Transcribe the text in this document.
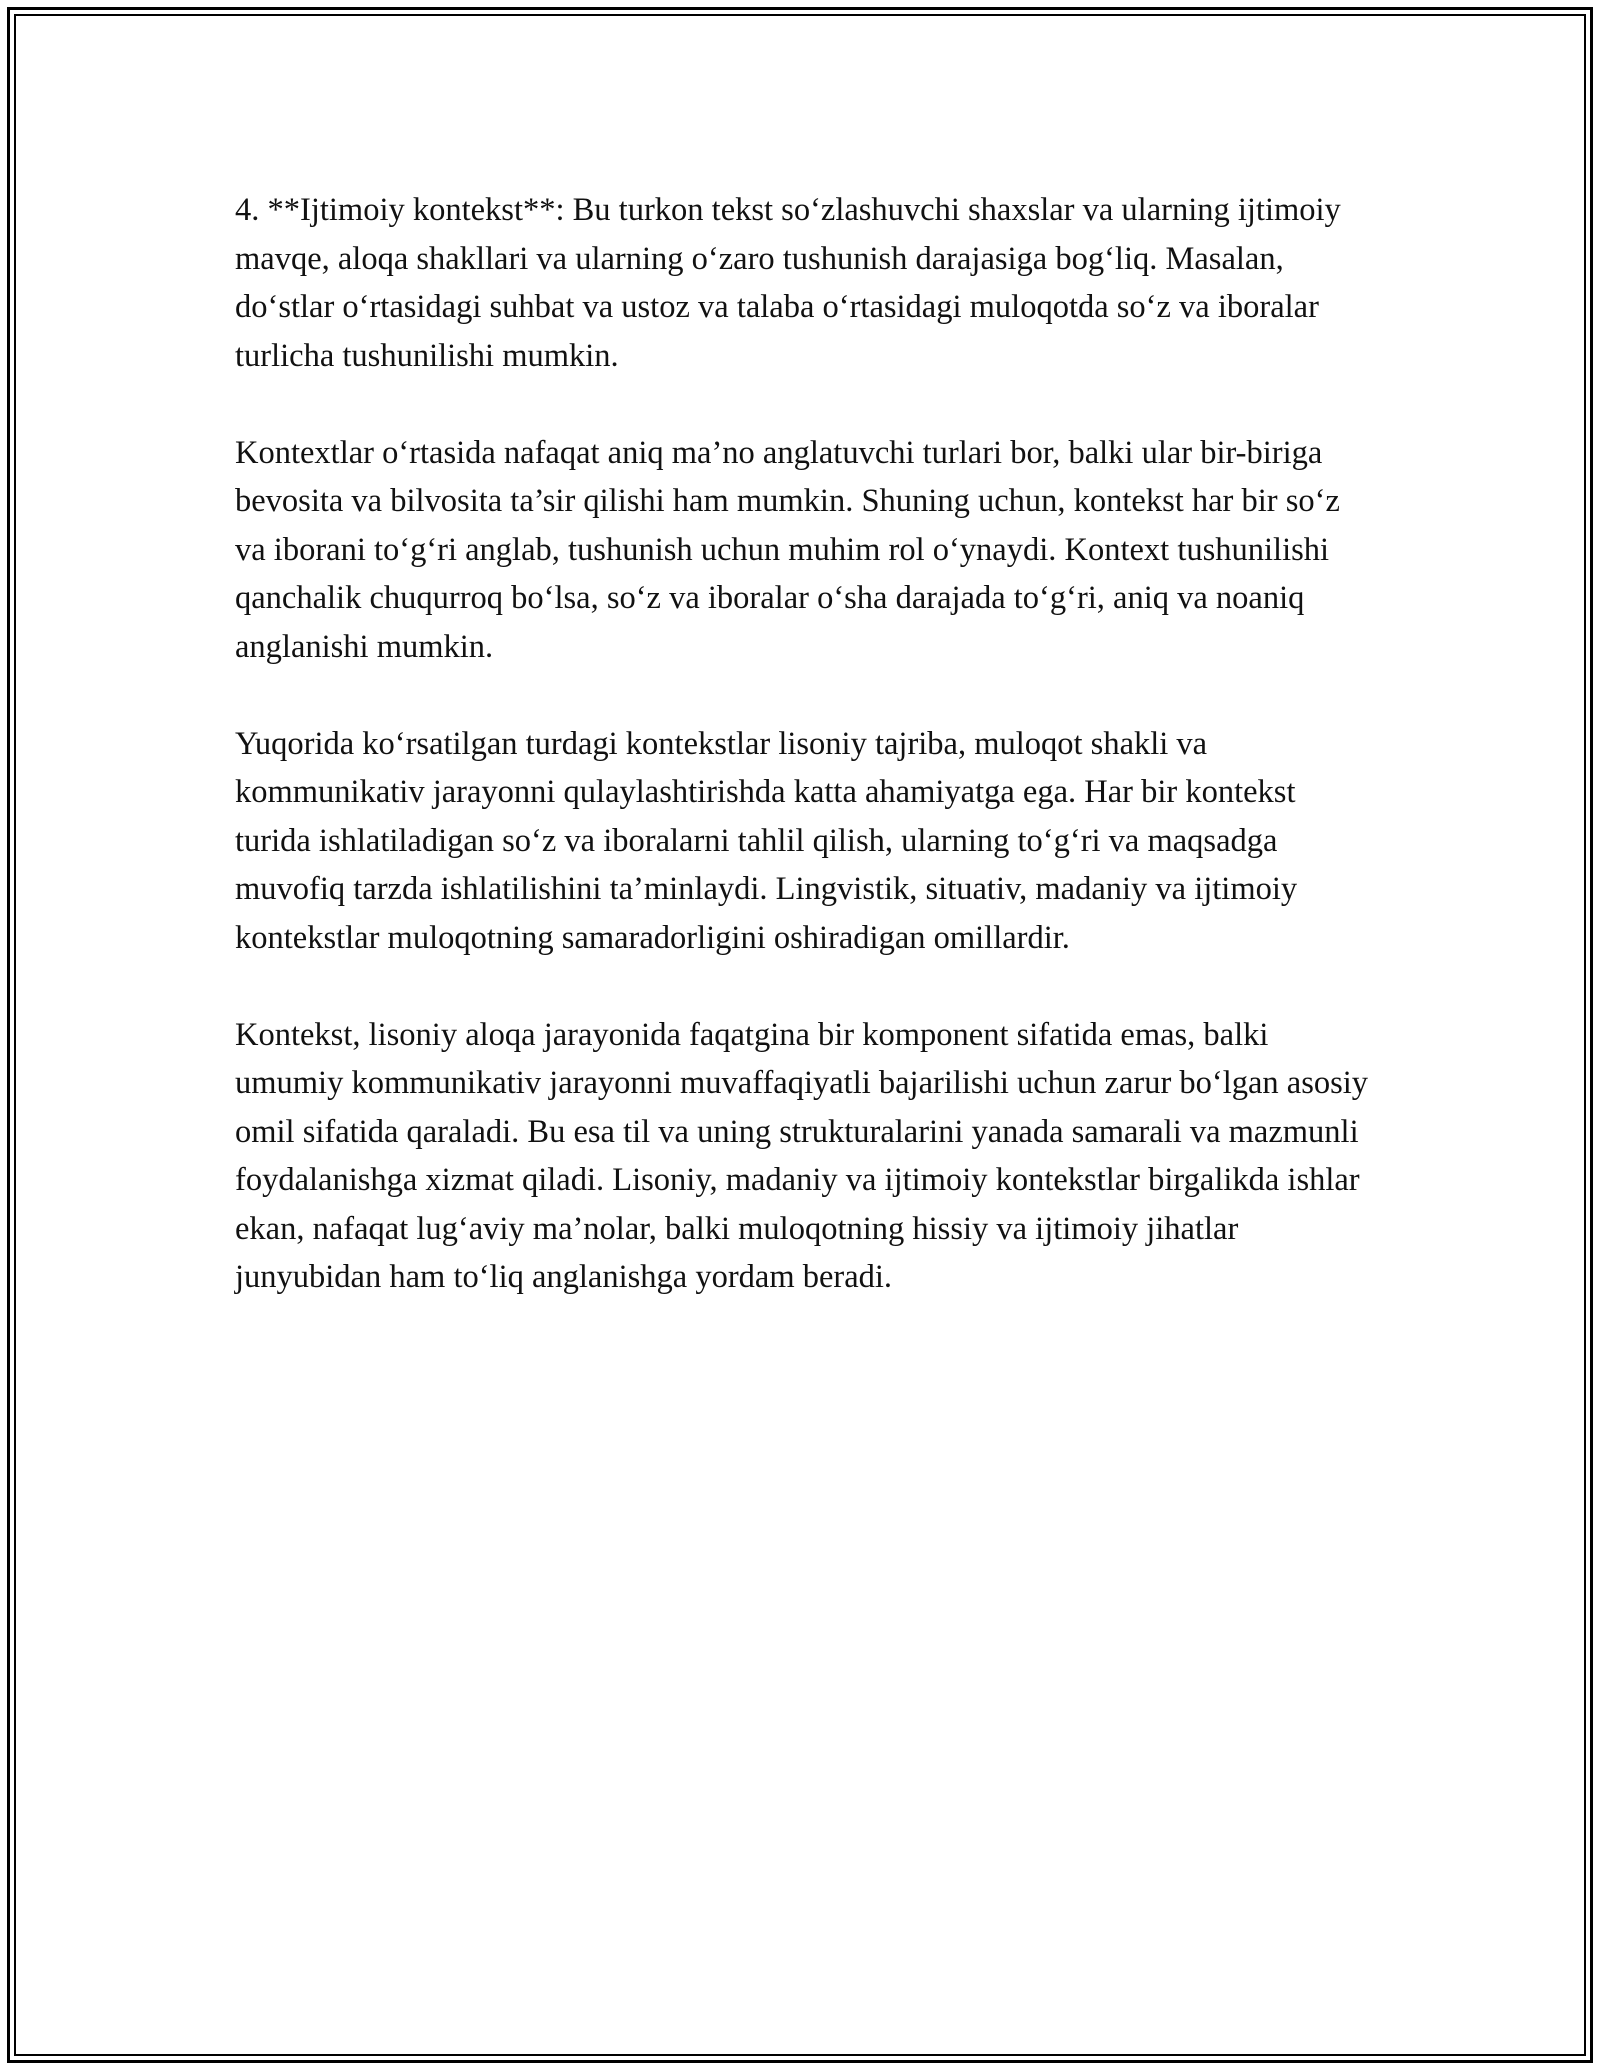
4. **Ijtimoiy kontekst**: Bu turkon tekst so‘zlashuvchi shaxslar va ularning ijtimoiy mavqe, aloqa shakllari va ularning o‘zaro tushunish darajasiga bog‘liq. Masalan, do‘stlar o‘rtasidagi suhbat va ustoz va talaba o‘rtasidagi muloqotda so‘z va iboralar turlicha tushunilishi mumkin.

Kontextlar o‘rtasida nafaqat aniq ma’no anglatuvchi turlari bor, balki ular bir-biriga bevosita va bilvosita ta’sir qilishi ham mumkin. Shuning uchun, kontekst har bir so‘z va iborani to‘g‘ri anglab, tushunish uchun muhim rol o‘ynaydi. Kontext tushunilishi qanchalik chuqurroq bo‘lsa, so‘z va iboralar o‘sha darajada to‘g‘ri, aniq va noaniq anglanishi mumkin.

Yuqorida ko‘rsatilgan turdagi kontekstlar lisoniy tajriba, muloqot shakli va kommunikativ jarayonni qulaylashtirishda katta ahamiyatga ega. Har bir kontekst turida ishlatiladigan so‘z va iboralarni tahlil qilish, ularning to‘g‘ri va maqsadga muvofiq tarzda ishlatilishini ta’minlaydi. Lingvistik, situativ, madaniy va ijtimoiy kontekstlar muloqotning samaradorligini oshiradigan omillardir.

Kontekst, lisoniy aloqa jarayonida faqatgina bir komponent sifatida emas, balki umumiy kommunikativ jarayonni muvaffaqiyatli bajarilishi uchun zarur bo‘lgan asosiy omil sifatida qaraladi. Bu esa til va uning strukturalarini yanada samarali va mazmunli foydalanishga xizmat qiladi. Lisoniy, madaniy va ijtimoiy kontekstlar birgalikda ishlar ekan, nafaqat lug‘aviy ma’nolar, balki muloqotning hissiy va ijtimoiy jihatlar junyubidan ham to‘liq anglanishga yordam beradi.
